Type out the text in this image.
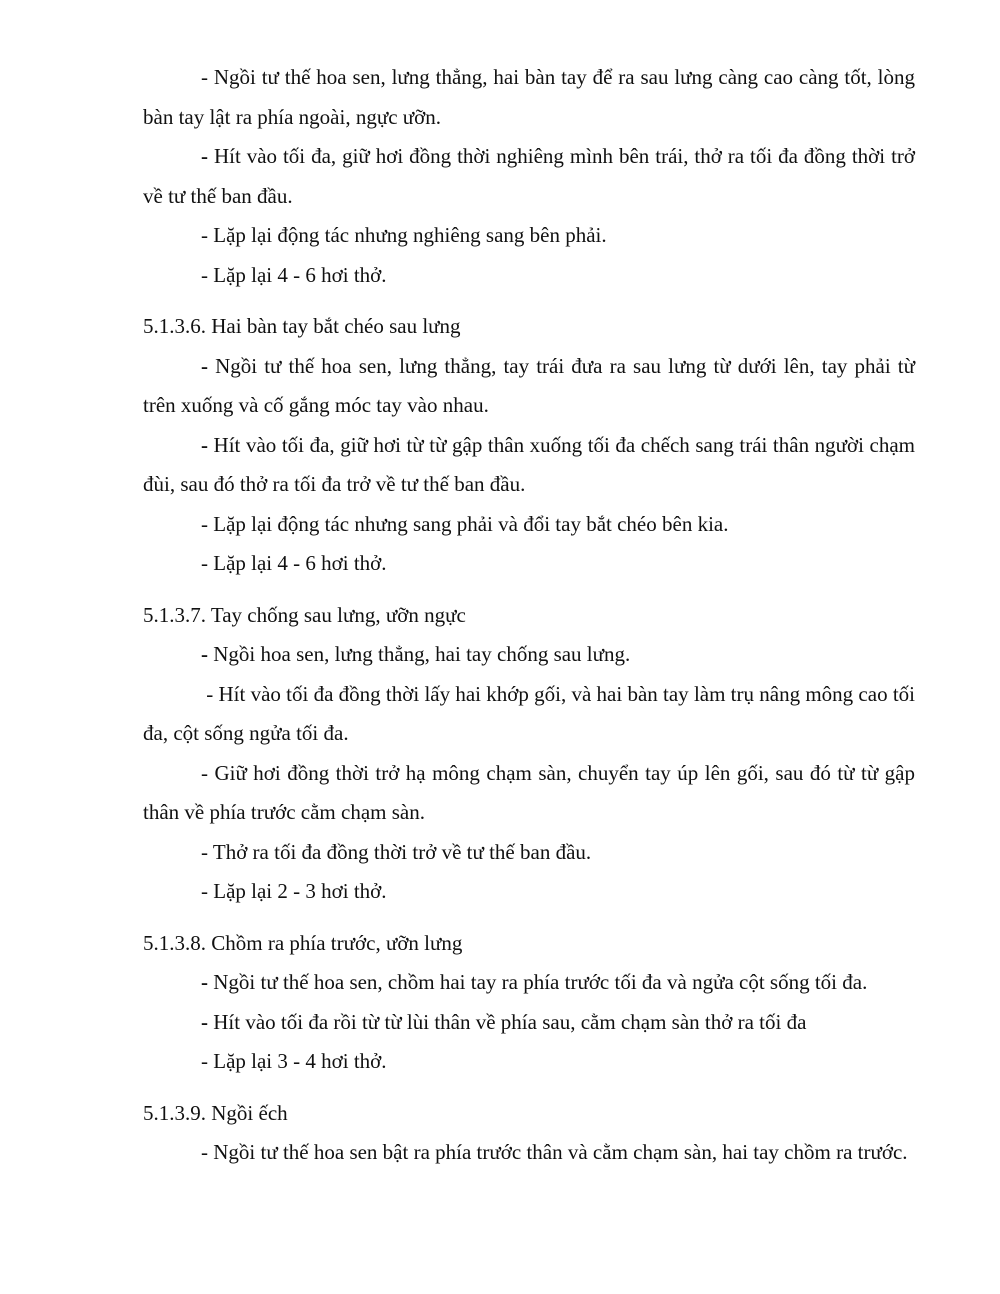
- Ngồi tư thế hoa sen, lưng thẳng, hai bàn tay để ra sau lưng càng cao càng tốt, lòng bàn tay lật ra phía ngoài, ngực ưỡn.

- Hít vào tối đa, giữ hơi đồng thời nghiêng mình bên trái, thở ra tối đa đồng thời trở về tư thế ban đầu.

- Lặp lại động tác nhưng nghiêng sang bên phải.

- Lặp lại 4 - 6 hơi thở.

5.1.3.6. Hai bàn tay bắt chéo sau lưng

- Ngồi tư thế hoa sen, lưng thẳng, tay trái đưa ra sau lưng từ dưới lên, tay phải từ trên xuống và cố gắng móc tay vào nhau.

- Hít vào tối đa, giữ hơi từ từ gập thân xuống tối đa chếch sang trái thân người chạm đùi, sau đó thở ra tối đa trở về tư thế ban đầu.

- Lặp lại động tác nhưng sang phải và đổi tay bắt chéo bên kia.

- Lặp lại 4 - 6 hơi thở.

5.1.3.7. Tay chống sau lưng, ưỡn ngực

- Ngồi hoa sen, lưng thẳng, hai tay chống sau lưng.

- Hít vào tối đa đồng thời lấy hai khớp gối, và hai bàn tay làm trụ nâng mông cao tối đa, cột sống ngửa tối đa.

- Giữ hơi đồng thời trở hạ mông chạm sàn, chuyển tay úp lên gối, sau đó từ từ gập thân về phía trước cằm chạm sàn.

- Thở ra tối đa đồng thời trở về tư thế ban đầu.

- Lặp lại 2 - 3 hơi thở.

5.1.3.8. Chồm ra phía trước, ưỡn lưng

- Ngồi tư thế hoa sen, chồm hai tay ra phía trước tối đa và ngửa cột sống tối đa.

- Hít vào tối đa rồi từ từ lùi thân về phía sau, cằm chạm sàn thở ra tối đa

- Lặp lại 3 - 4 hơi thở.

5.1.3.9. Ngồi ếch

- Ngồi tư thế hoa sen bật ra phía trước thân và cằm chạm sàn, hai tay chồm ra trước.
